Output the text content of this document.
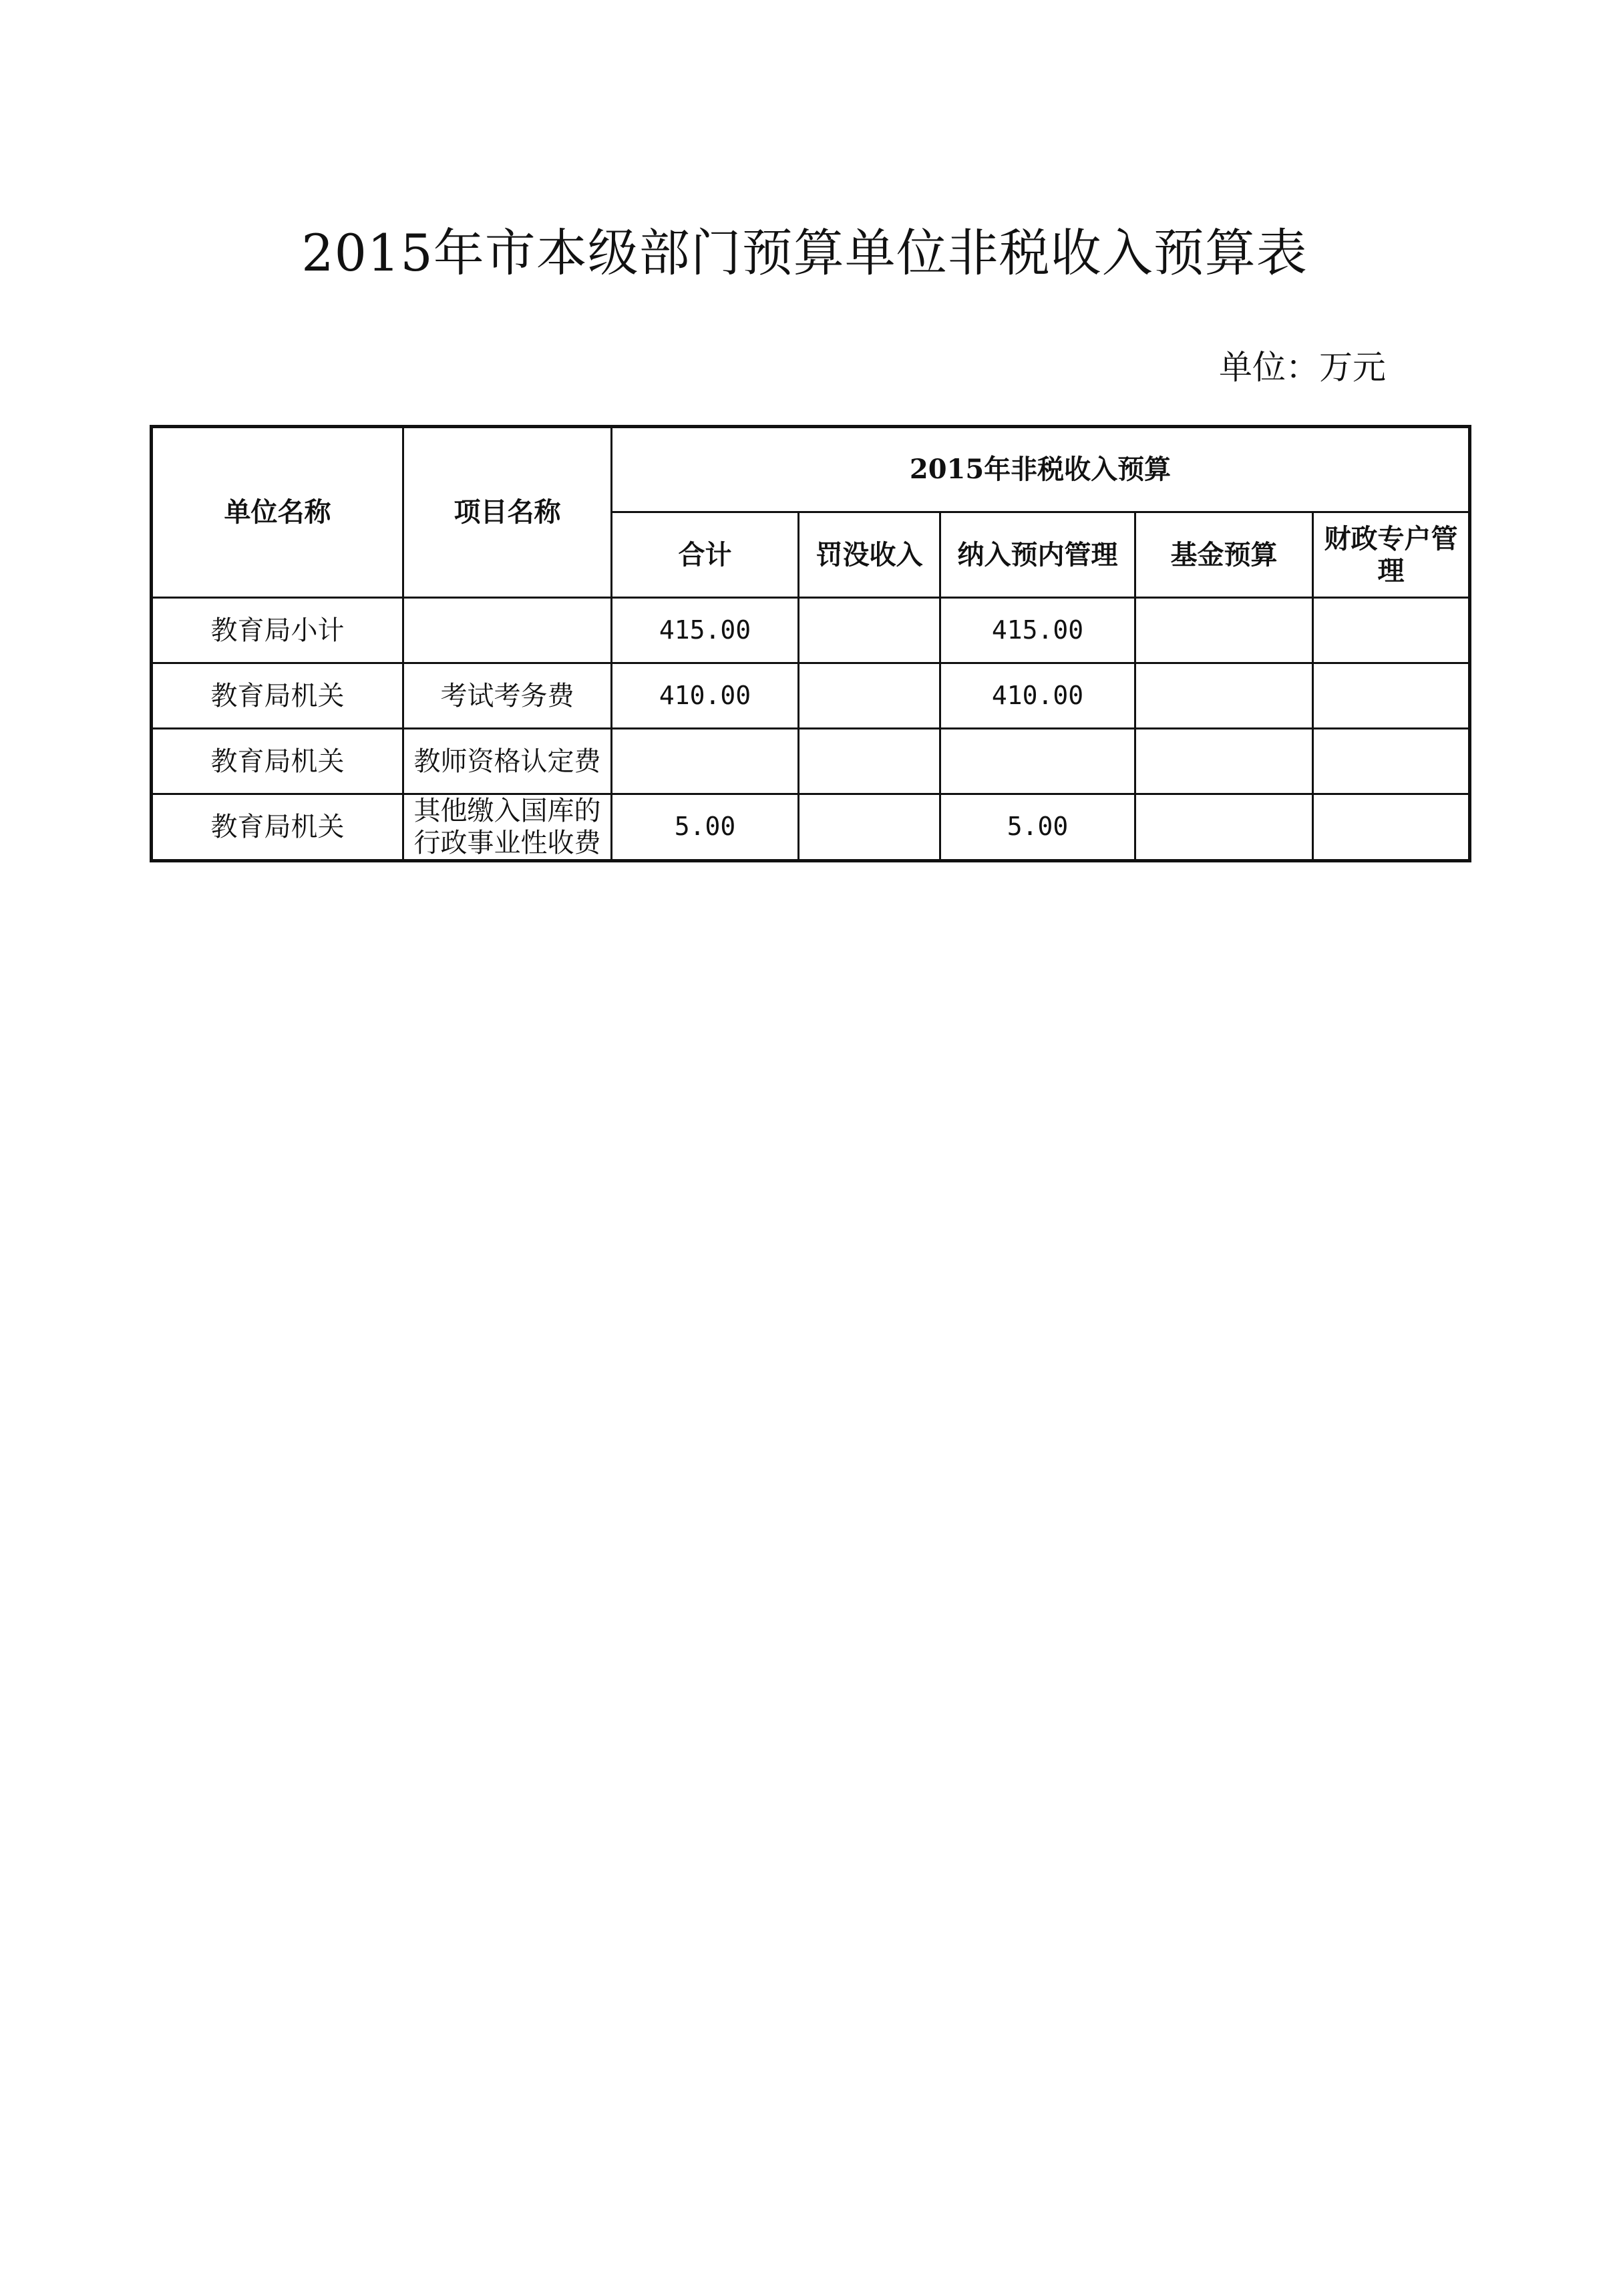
2015年市本级部门预算单位非税收入预算表
单位：万元
单位名称	项目名称	2015年非税收入预算				
		合计	罚没收入	纳入预内管理	基金预算	财政专户管理
教育局小计		415.00		415.00		
教育局机关	考试考务费	410.00		410.00		
教育局机关	教师资格认定费					
教育局机关	其他缴入国库的行政事业性收费	5.00		5.00		
